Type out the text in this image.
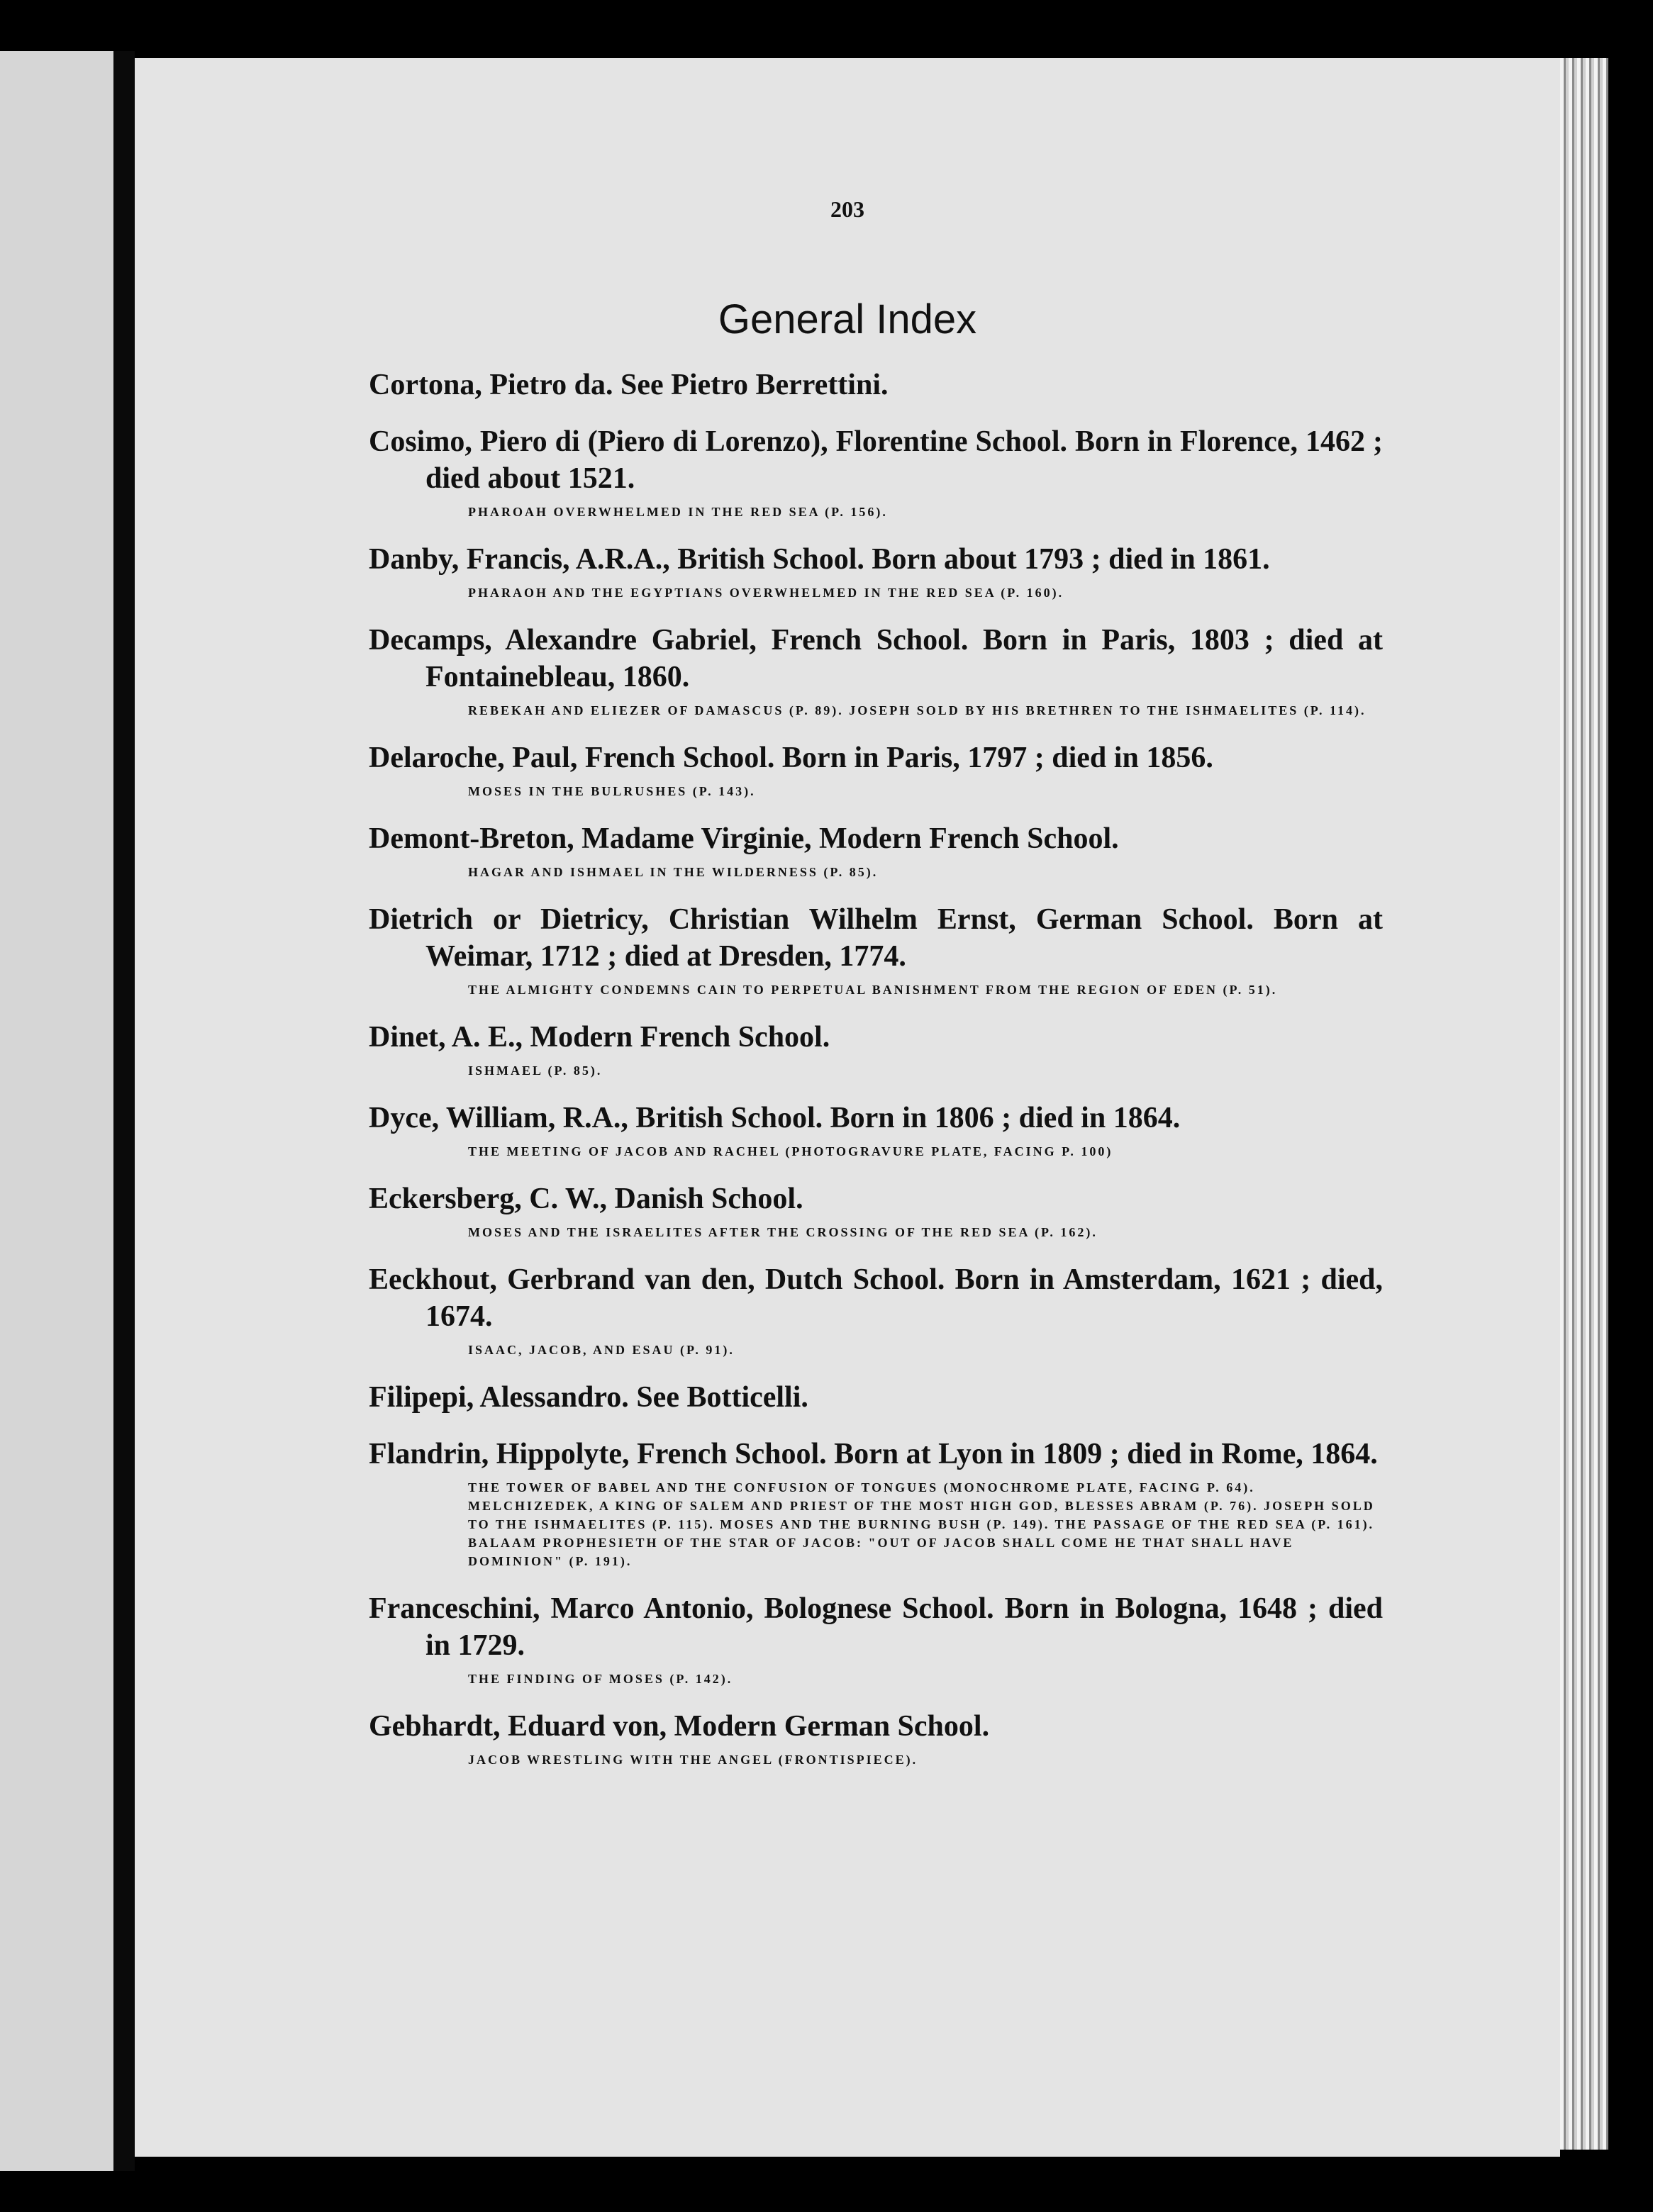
203
General Index
Cortona, Pietro da. See Pietro Berrettini.
Cosimo, Piero di (Piero di Lorenzo), Florentine School. Born in Florence, 1462 ; died about 1521.
PHAROAH OVERWHELMED IN THE RED SEA (P. 156).
Danby, Francis, A.R.A., British School. Born about 1793 ; died in 1861.
PHARAOH AND THE EGYPTIANS OVERWHELMED IN THE RED SEA (P. 160).
Decamps, Alexandre Gabriel, French School. Born in Paris, 1803 ; died at Fontainebleau, 1860.
REBEKAH AND ELIEZER OF DAMASCUS (P. 89). JOSEPH SOLD BY HIS BRETHREN TO THE ISHMAELITES (P. 114).
Delaroche, Paul, French School. Born in Paris, 1797 ; died in 1856.
MOSES IN THE BULRUSHES (P. 143).
Demont-Breton, Madame Virginie, Modern French School.
HAGAR AND ISHMAEL IN THE WILDERNESS (P. 85).
Dietrich or Dietricy, Christian Wilhelm Ernst, German School. Born at Weimar, 1712 ; died at Dresden, 1774.
THE ALMIGHTY CONDEMNS CAIN TO PERPETUAL BANISHMENT FROM THE REGION OF EDEN (P. 51).
Dinet, A. E., Modern French School.
ISHMAEL (P. 85).
Dyce, William, R.A., British School. Born in 1806 ; died in 1864.
THE MEETING OF JACOB AND RACHEL (PHOTOGRAVURE PLATE, FACING P. 100)
Eckersberg, C. W., Danish School.
MOSES AND THE ISRAELITES AFTER THE CROSSING OF THE RED SEA (P. 162).
Eeckhout, Gerbrand van den, Dutch School. Born in Amsterdam, 1621 ; died, 1674.
ISAAC, JACOB, AND ESAU (P. 91).
Filipepi, Alessandro. See Botticelli.
Flandrin, Hippolyte, French School. Born at Lyon in 1809 ; died in Rome, 1864.
THE TOWER OF BABEL AND THE CONFUSION OF TONGUES (MONOCHROME PLATE, FACING P. 64). MELCHIZEDEK, A KING OF SALEM AND PRIEST OF THE MOST HIGH GOD, BLESSES ABRAM (P. 76). JOSEPH SOLD TO THE ISHMAELITES (P. 115). MOSES AND THE BURNING BUSH (P. 149). THE PASSAGE OF THE RED SEA (P. 161). BALAAM PROPHESIETH OF THE STAR OF JACOB: "OUT OF JACOB SHALL COME HE THAT SHALL HAVE DOMINION" (P. 191).
Franceschini, Marco Antonio, Bolognese School. Born in Bologna, 1648 ; died in 1729.
THE FINDING OF MOSES (P. 142).
Gebhardt, Eduard von, Modern German School.
JACOB WRESTLING WITH THE ANGEL (FRONTISPIECE).
